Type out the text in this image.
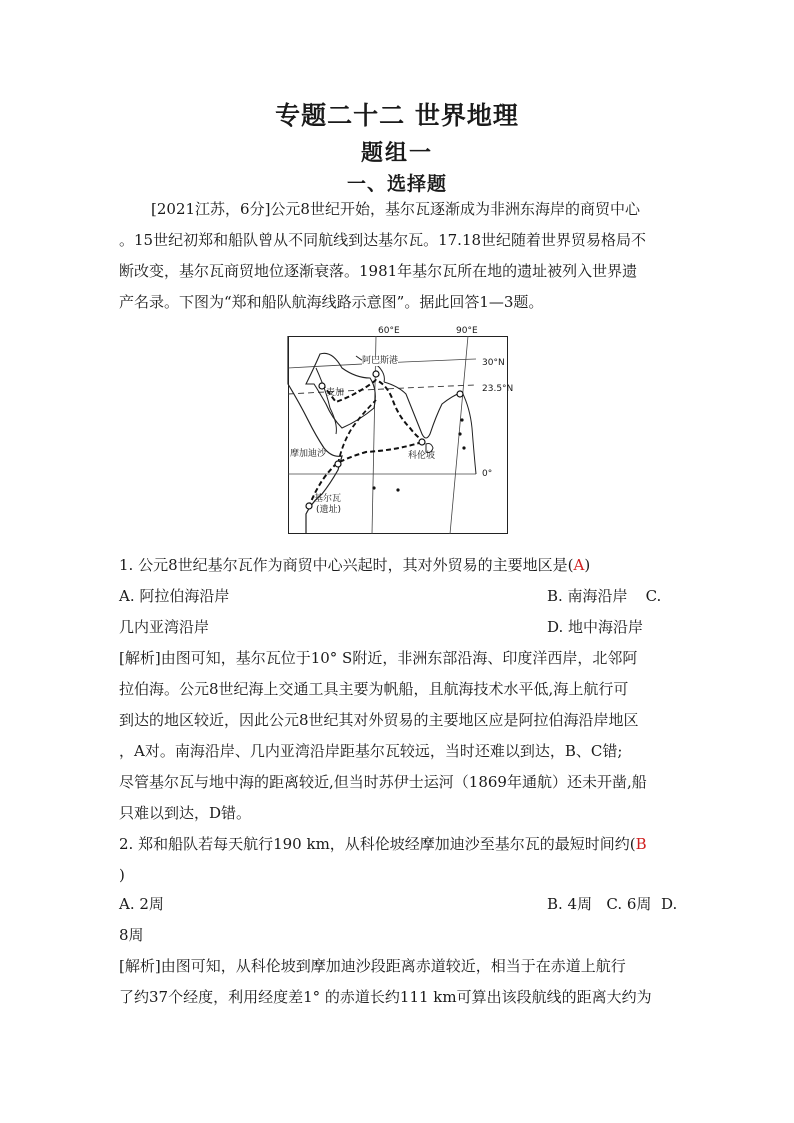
专题二十二 世界地理
题组一
一、选择题
[2021江苏，6分]公元8世纪开始，基尔瓦逐渐成为非洲东海岸的商贸中心
。15世纪初郑和船队曾从不同航线到达基尔瓦。17.18世纪随着世界贸易格局不
断改变，基尔瓦商贸地位逐渐衰落。1981年基尔瓦所在地的遗址被列入世界遗
产名录。下图为“郑和船队航海线路示意图”。据此回答1—3题。
60°E	90°E
30°N
23.5°N
0°
阿巴斯港
麦加
摩加迪沙	科伦坡
基尔瓦
(遗址)
1. 公元8世纪基尔瓦作为商贸中心兴起时，其对外贸易的主要地区是(A)
A. 阿拉伯海沿岸	B. 南海沿岸 C.
几内亚湾沿岸	D. 地中海沿岸
[解析]由图可知，基尔瓦位于10° S附近，非洲东部沿海、印度洋西岸，北邻阿
拉伯海。公元8世纪海上交通工具主要为帆船，且航海技术水平低,海上航行可
到达的地区较近，因此公元8世纪其对外贸易的主要地区应是阿拉伯海沿岸地区
，A对。南海沿岸、几内亚湾沿岸距基尔瓦较远，当时还难以到达，B、C错;
尽管基尔瓦与地中海的距离较近,但当时苏伊士运河（1869年通航）还未开凿,船
只难以到达，D错。
2. 郑和船队若每天航行190 km，从科伦坡经摩加迪沙至基尔瓦的最短时间约(B
)
A. 2周	B. 4周   C. 6周  D.
8周
[解析]由图可知，从科伦坡到摩加迪沙段距离赤道较近，相当于在赤道上航行
了约37个经度，利用经度差1° 的赤道长约111 km可算出该段航线的距离大约为
